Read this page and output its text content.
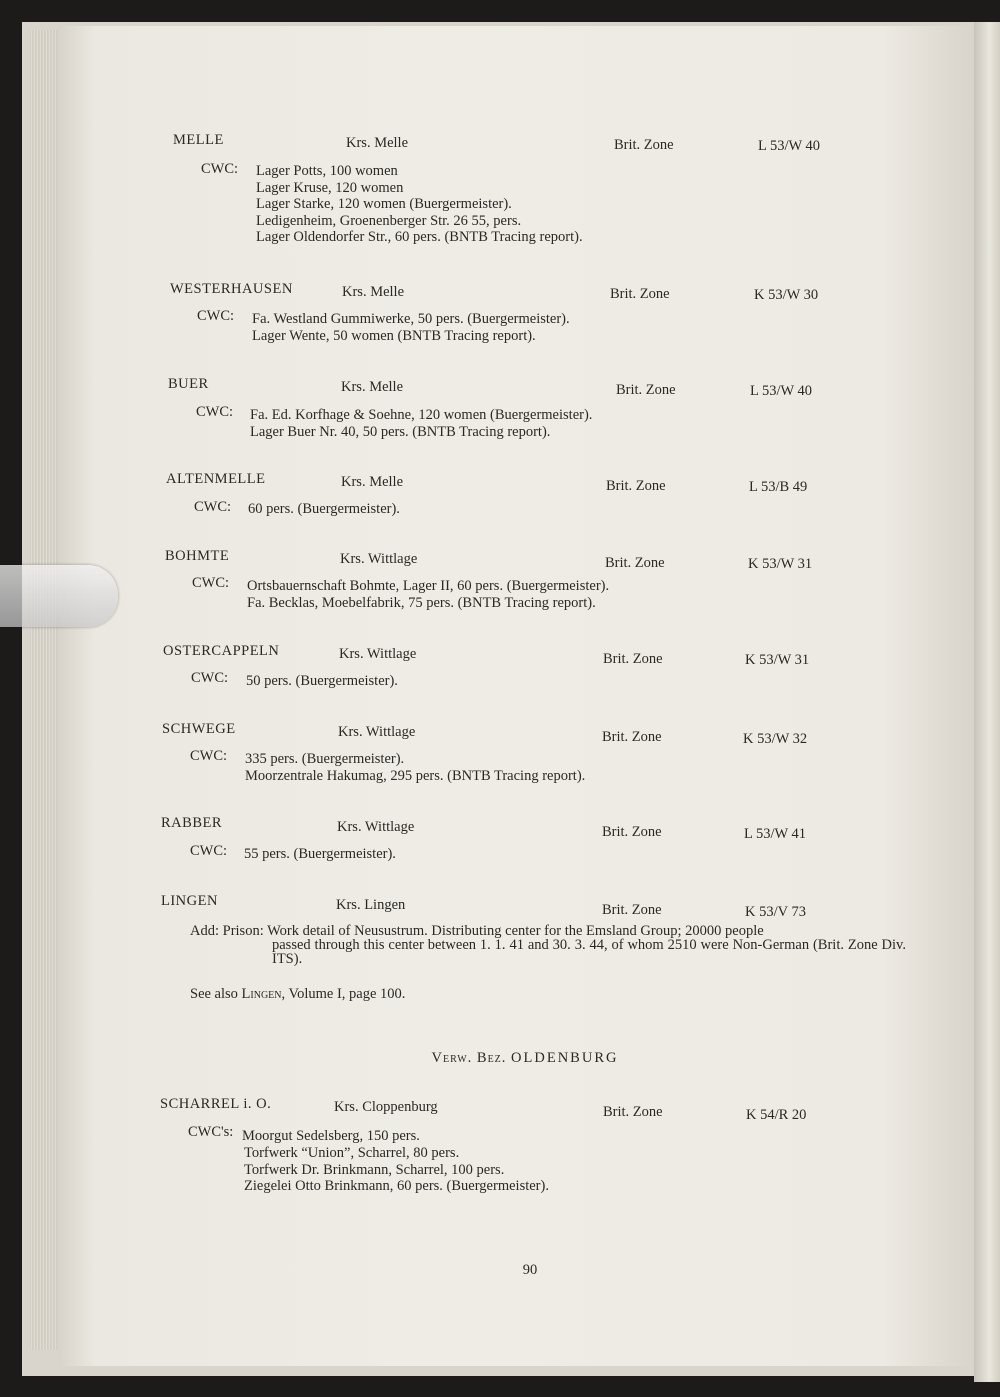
MELLE	Krs. Melle	Brit. Zone	L 53/W 40
CWC: Lager Potts, 100 women
Lager Kruse, 120 women
Lager Starke, 120 women (Buergermeister).
Ledigenheim, Groenenberger Str. 26 55, pers.
Lager Oldendorfer Str., 60 pers. (BNTB Tracing report).
WESTERHAUSEN	Krs. Melle	Brit. Zone	K 53/W 30
CWC: Fa. Westland Gummiwerke, 50 pers. (Buergermeister).
Lager Wente, 50 women (BNTB Tracing report).
BUER	Krs. Melle	Brit. Zone	L 53/W 40
CWC: Fa. Ed. Korfhage & Soehne, 120 women (Buergermeister).
Lager Buer Nr. 40, 50 pers. (BNTB Tracing report).
ALTENMELLE	Krs. Melle	Brit. Zone	L 53/B 49
CWC: 60 pers. (Buergermeister).
BOHMTE	Krs. Wittlage	Brit. Zone	K 53/W 31
CWC: Ortsbauernschaft Bohmte, Lager II, 60 pers. (Buergermeister).
Fa. Becklas, Moebelfabrik, 75 pers. (BNTB Tracing report).
OSTERCAPPELN	Krs. Wittlage	Brit. Zone	K 53/W 31
CWC: 50 pers. (Buergermeister).
SCHWEGE	Krs. Wittlage	Brit. Zone	K 53/W 32
CWC: 335 pers. (Buergermeister).
Moorzentrale Hakumag, 295 pers. (BNTB Tracing report).
RABBER	Krs. Wittlage	Brit. Zone	L 53/W 41
CWC: 55 pers. (Buergermeister).
LINGEN	Krs. Lingen	Brit. Zone	K 53/V 73
Add: Prison: Work detail of Neusustrum. Distributing center for the Emsland Group; 20000 people
passed through this center between 1. 1. 41 and 30. 3. 44, of whom 2510 were Non-German (Brit. Zone Div. ITS).
See also Lingen, Volume I, page 100.
Verw. Bez. OLDENBURG
SCHARREL i. O.	Krs. Cloppenburg	Brit. Zone	K 54/R 20
CWC's: Moorgut Sedelsberg, 150 pers.
Torfwerk “Union”, Scharrel, 80 pers.
Torfwerk Dr. Brinkmann, Scharrel, 100 pers.
Ziegelei Otto Brinkmann, 60 pers. (Buergermeister).
90
